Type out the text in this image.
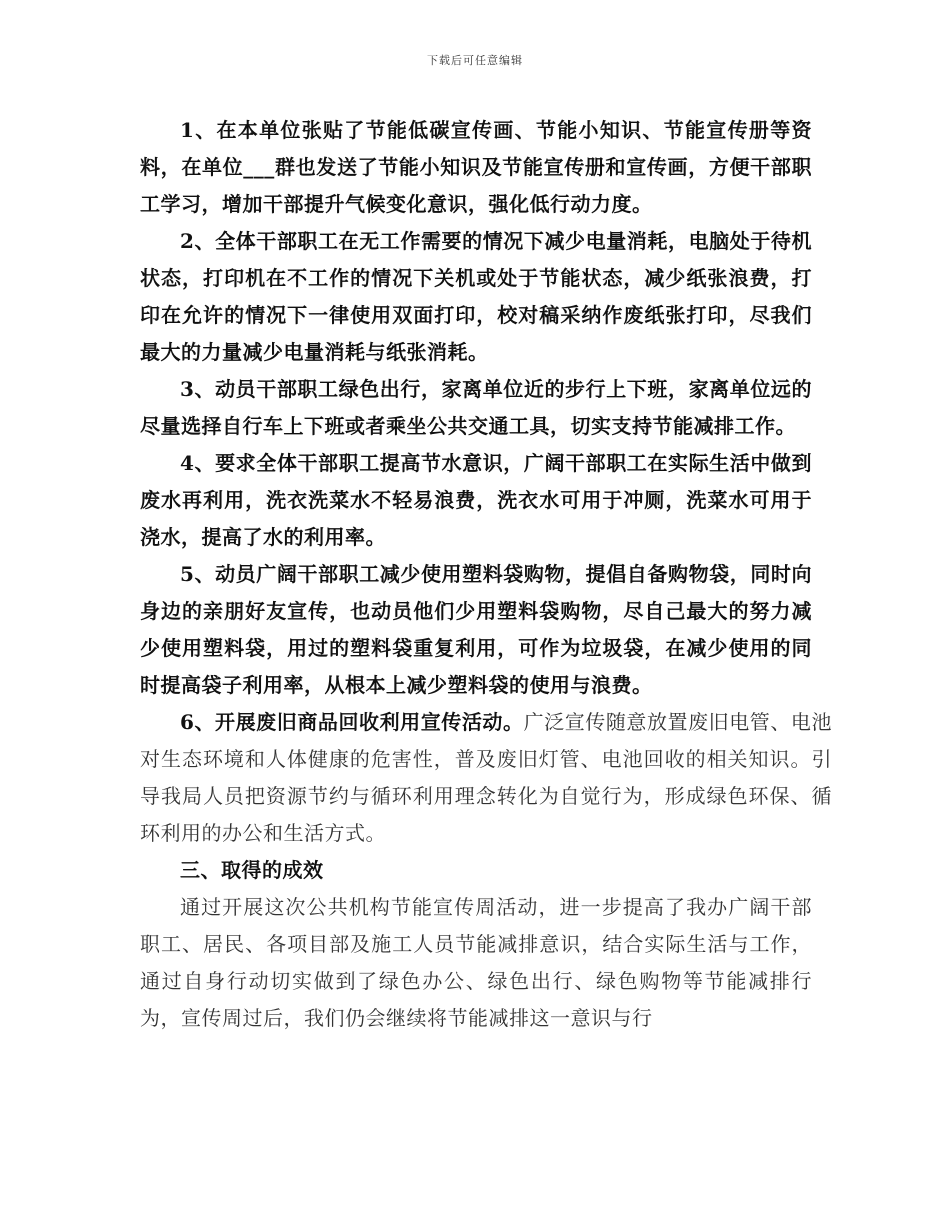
下载后可任意编辑

1、在本单位张贴了节能低碳宣传画、节能小知识、节能宣传册等资料，在单位___群也发送了节能小知识及节能宣传册和宣传画，方便干部职工学习，增加干部提升气候变化意识，强化低行动力度。

2、全体干部职工在无工作需要的情况下减少电量消耗，电脑处于待机状态，打印机在不工作的情况下关机或处于节能状态，减少纸张浪费，打印在允许的情况下一律使用双面打印，校对稿采纳作废纸张打印，尽我们最大的力量减少电量消耗与纸张消耗。

3、动员干部职工绿色出行，家离单位近的步行上下班，家离单位远的尽量选择自行车上下班或者乘坐公共交通工具，切实支持节能减排工作。

4、要求全体干部职工提高节水意识，广阔干部职工在实际生活中做到废水再利用，洗衣洗菜水不轻易浪费，洗衣水可用于冲厕，洗菜水可用于浇水，提高了水的利用率。

5、动员广阔干部职工减少使用塑料袋购物，提倡自备购物袋，同时向身边的亲朋好友宣传，也动员他们少用塑料袋购物，尽自己最大的努力减少使用塑料袋，用过的塑料袋重复利用，可作为垃圾袋，在减少使用的同时提高袋子利用率，从根本上减少塑料袋的使用与浪费。

6、开展废旧商品回收利用宣传活动。广泛宣传随意放置废旧电管、电池对生态环境和人体健康的危害性，普及废旧灯管、电池回收的相关知识。引导我局人员把资源节约与循环利用理念转化为自觉行为，形成绿色环保、循环利用的办公和生活方式。

三、取得的成效

通过开展这次公共机构节能宣传周活动，进一步提高了我办广阔干部职工、居民、各项目部及施工人员节能减排意识，结合实际生活与工作，通过自身行动切实做到了绿色办公、绿色出行、绿色购物等节能减排行为，宣传周过后，我们仍会继续将节能减排这一意识与行
